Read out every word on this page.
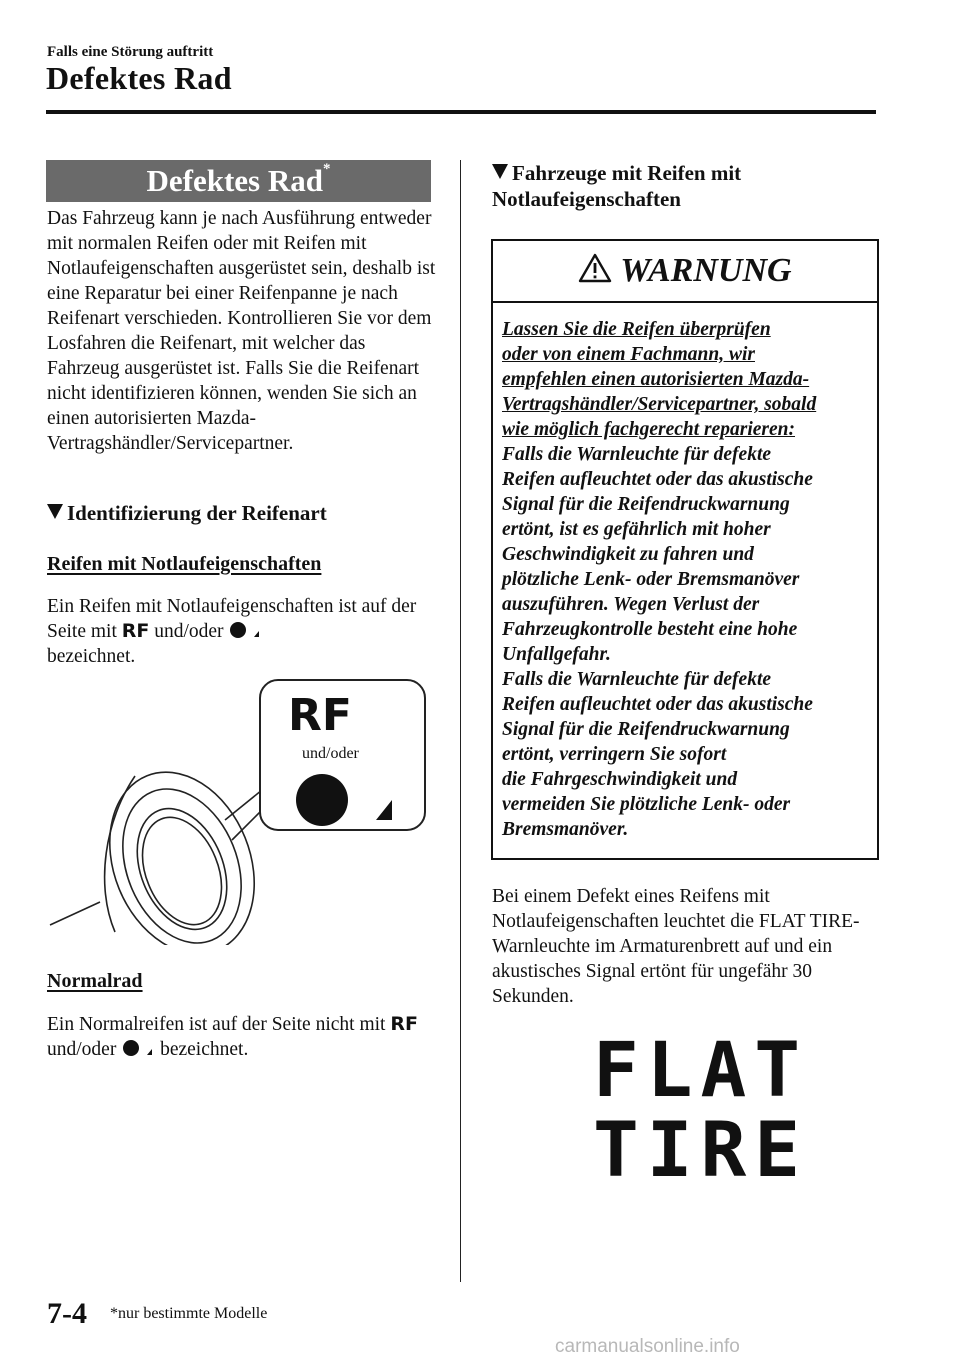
Falls eine Störung auftritt
Defektes Rad
Defektes Rad*
Das Fahrzeug kann je nach Ausführung entweder mit normalen Reifen oder mit Reifen mit Notlaufeigenschaften ausgerüstet sein, deshalb ist eine Reparatur bei einer Reifenpanne je nach Reifenart verschieden. Kontrollieren Sie vor dem Losfahren die Reifenart, mit welcher das Fahrzeug ausgerüstet ist. Falls Sie die Reifenart nicht identifizieren können, wenden Sie sich an einen autorisierten Mazda-Vertragshändler/Servicepartner.
Identifizierung der Reifenart
Reifen mit Notlaufeigenschaften
Ein Reifen mit Notlaufeigenschaften ist auf der Seite mit RF und/oder
bezeichnet.
RF
und/oder
Normalrad
Ein Normalreifen ist auf der Seite nicht mit RF und/oder bezeichnet.
Fahrzeuge mit Reifen mit Notlaufeigenschaften
WARNUNG
Lassen Sie die Reifen überprüfen
oder von einem Fachmann, wir
empfehlen einen autorisierten Mazda-
Vertragshändler/Servicepartner, sobald
wie möglich fachgerecht reparieren:
Falls die Warnleuchte für defekte
Reifen aufleuchtet oder das akustische
Signal für die Reifendruckwarnung
ertönt, ist es gefährlich mit hoher
Geschwindigkeit zu fahren und
plötzliche Lenk- oder Bremsmanöver
auszuführen. Wegen Verlust der
Fahrzeugkontrolle besteht eine hohe
Unfallgefahr.
Falls die Warnleuchte für defekte
Reifen aufleuchtet oder das akustische
Signal für die Reifendruckwarnung
ertönt, verringern Sie sofort
die Fahrgeschwindigkeit und
vermeiden Sie plötzliche Lenk- oder
Bremsmanöver.
Bei einem Defekt eines Reifens mit Notlaufeigenschaften leuchtet die FLAT TIRE-Warnleuchte im Armaturenbrett auf und ein akustisches Signal ertönt für ungefähr 30 Sekunden.
FLAT
TIRE
7-4 *nur bestimmte Modelle
carmanualsonline.info
